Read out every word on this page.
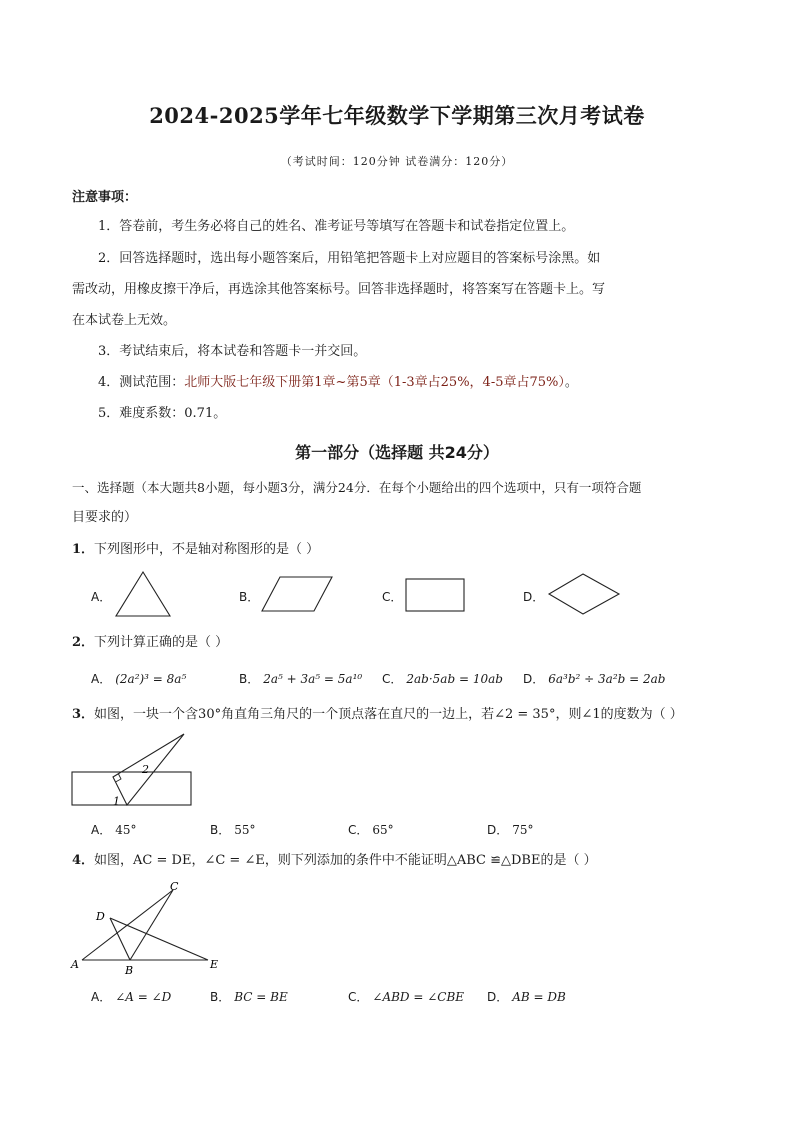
2024-2025学年七年级数学下学期第三次月考试卷
（考试时间：120分钟 试卷满分：120分）
注意事项：
1．答卷前，考生务必将自己的姓名、准考证号等填写在答题卡和试卷指定位置上。
2．回答选择题时，选出每小题答案后，用铅笔把答题卡上对应题目的答案标号涂黑。如
需改动，用橡皮擦干净后，再选涂其他答案标号。回答非选择题时，将答案写在答题卡上。写
在本试卷上无效。
3．考试结束后，将本试卷和答题卡一并交回。
4．测试范围：北师大版七年级下册第1章~第5章（1-3章占25%，4-5章占75%）。
5．难度系数：0.71。
第一部分（选择题 共24分）
一、选择题（本大题共8小题，每小题3分，满分24分．在每个小题给出的四个选项中，只有一项符合题
目要求的）
1．下列图形中，不是轴对称图形的是（ ）
A．	B．	C．	D．
2．下列计算正确的是（ ）
A． (2a²)³ = 8a⁵	B． 2a⁵ + 3a⁵ = 5a¹⁰ C． 2ab·5ab = 10ab D． 6a³b² ÷ 3a²b = 2ab
3．如图，一块一个含30°角直角三角尺的一个顶点落在直尺的一边上，若∠2 = 35°，则∠1的度数为（ ）
2
1
A． 45°	B． 55°	C． 65°	D． 75°
4．如图，AC = DE，∠C = ∠E，则下列添加的条件中不能证明△ABC ≌△DBE的是（ ）
A	B
C
D
E
A． ∠A = ∠D	B． BC = BE	C． ∠ABD = ∠CBE D． AB = DB
